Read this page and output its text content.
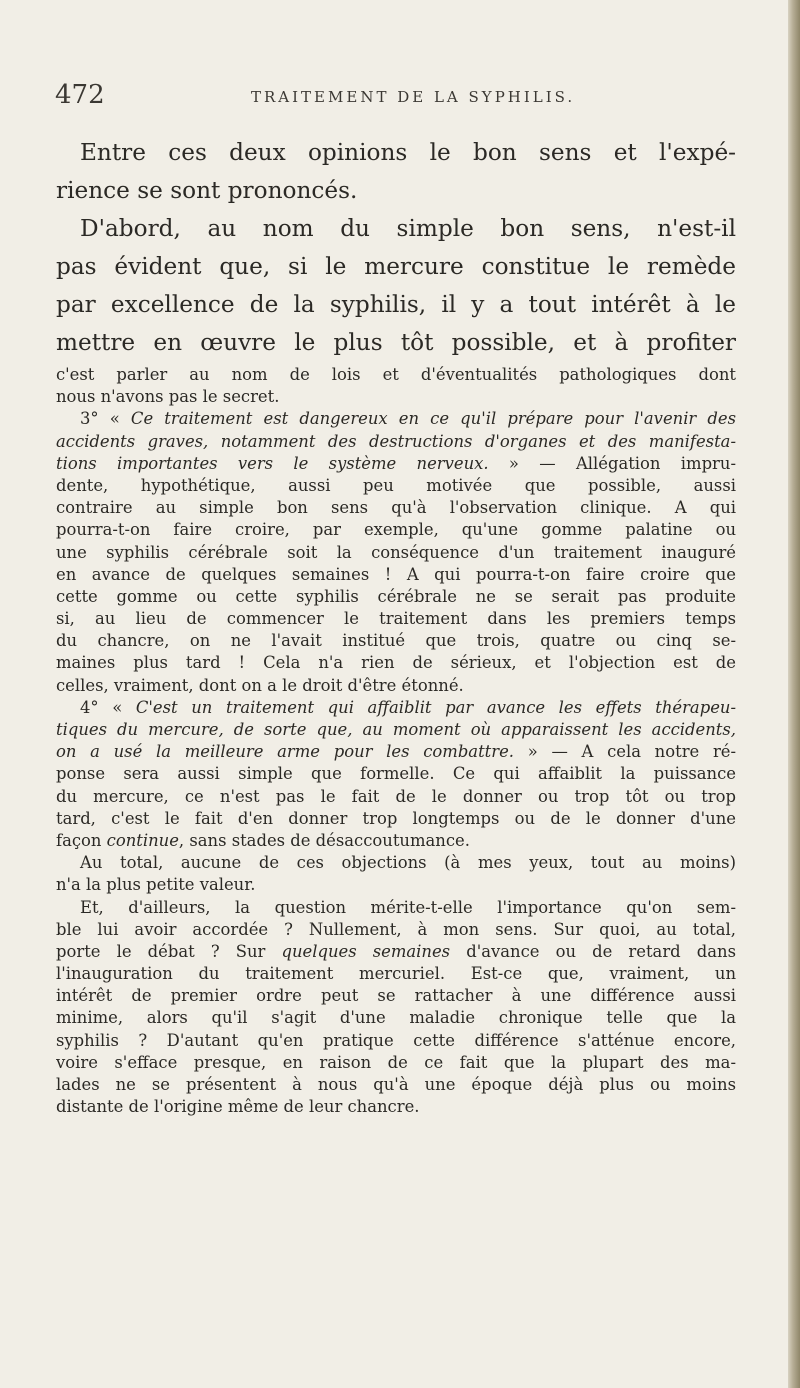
472	TRAITEMENT DE LA SYPHILIS.
Entre ces deux opinions le bon sens et l'expé-
rience se sont prononcés.
D'abord, au nom du simple bon sens, n'est-il
pas évident que, si le mercure constitue le remède
par excellence de la syphilis, il y a tout intérêt à le
mettre en œuvre le plus tôt possible, et à profiter
c'est parler au nom de lois et d'éventualités pathologiques dont
nous n'avons pas le secret.
3° « Ce traitement est dangereux en ce qu'il prépare pour l'avenir des
accidents graves, notamment des destructions d'organes et des manifesta-
tions importantes vers le système nerveux. » — Allégation impru-
dente, hypothétique, aussi peu motivée que possible, aussi
contraire au simple bon sens qu'à l'observation clinique. A qui
pourra-t-on faire croire, par exemple, qu'une gomme palatine ou
une syphilis cérébrale soit la conséquence d'un traitement inauguré
en avance de quelques semaines ! A qui pourra-t-on faire croire que
cette gomme ou cette syphilis cérébrale ne se serait pas produite
si, au lieu de commencer le traitement dans les premiers temps
du chancre, on ne l'avait institué que trois, quatre ou cinq se-
maines plus tard ! Cela n'a rien de sérieux, et l'objection est de
celles, vraiment, dont on a le droit d'être étonné.
4° « C'est un traitement qui affaiblit par avance les effets thérapeu-
tiques du mercure, de sorte que, au moment où apparaissent les accidents,
on a usé la meilleure arme pour les combattre. » — A cela notre ré-
ponse sera aussi simple que formelle. Ce qui affaiblit la puissance
du mercure, ce n'est pas le fait de le donner ou trop tôt ou trop
tard, c'est le fait d'en donner trop longtemps ou de le donner d'une
façon continue, sans stades de désaccoutumance.
Au total, aucune de ces objections (à mes yeux, tout au moins)
n'a la plus petite valeur.
Et, d'ailleurs, la question mérite-t-elle l'importance qu'on sem-
ble lui avoir accordée ? Nullement, à mon sens. Sur quoi, au total,
porte le débat ? Sur quelques semaines d'avance ou de retard dans
l'inauguration du traitement mercuriel. Est-ce que, vraiment, un
intérêt de premier ordre peut se rattacher à une différence aussi
minime, alors qu'il s'agit d'une maladie chronique telle que la
syphilis ? D'autant qu'en pratique cette différence s'atténue encore,
voire s'efface presque, en raison de ce fait que la plupart des ma-
lades ne se présentent à nous qu'à une époque déjà plus ou moins
distante de l'origine même de leur chancre.
